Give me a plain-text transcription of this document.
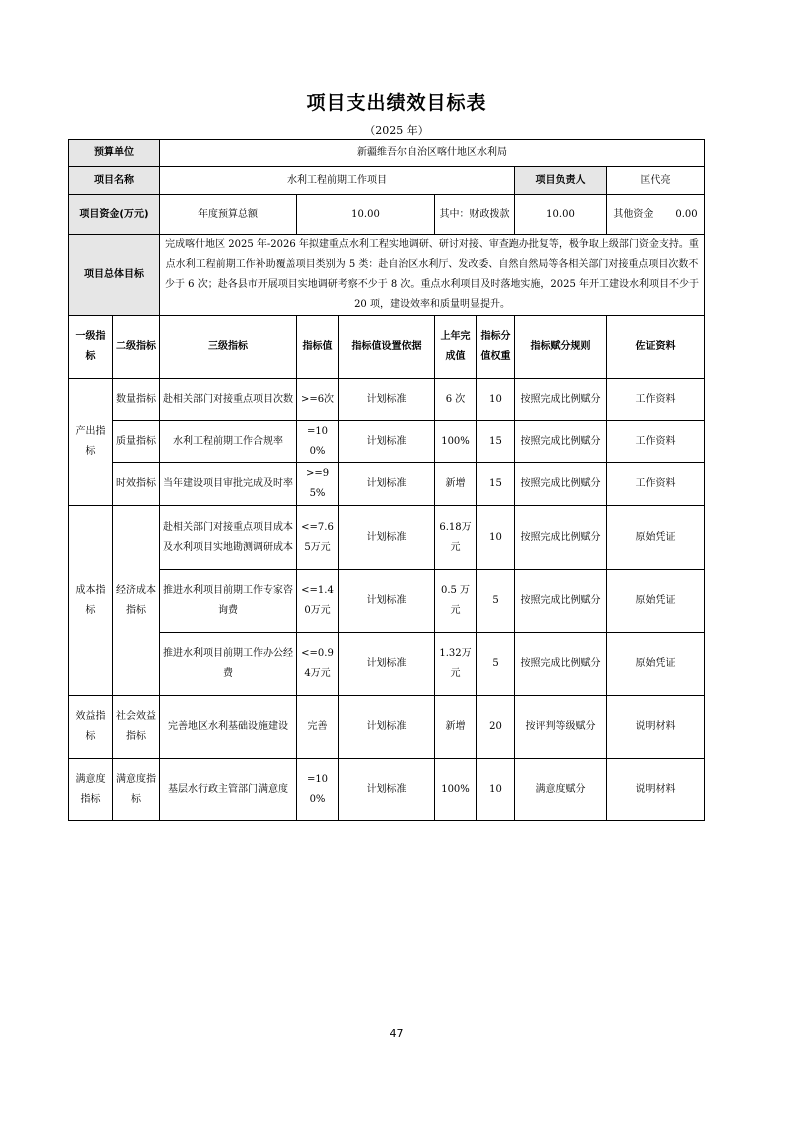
项目支出绩效目标表
（2025 年）
预算单位		新疆维吾尔自治区喀什地区水利局						
项目名称		水利工程前期工作项目					项目负责人	匡代亮
项目资金(万元)		年度预算总额	10.00		其中：财政拨款		10.00	其他资金 0.00
项目总体目标		完成喀什地区 2025 年-2026 年拟建重点水利工程实地调研、研讨对接、审查跑办批复等，极争取上级部门资金支持。重点水利工程前期工作补助覆盖项目类别为 5 类：赴自治区水利厅、发改委、自然自然局等各相关部门对接重点项目次数不少于 6 次；赴各县市开展项目实地调研考察不少于 8 次。重点水利项目及时落地实施，2025 年开工建设水利项目不少于 20 项，建设效率和质量明显提升。						
一级指标	二级指标	三级指标	指标值	指标值设置依据	上年完成值	指标分值权重	指标赋分规则	佐证资料
产出指标	数量指标	赴相关部门对接重点项目次数	>=6次	计划标准	6 次	10	按照完成比例赋分	工作资料
	质量指标	水利工程前期工作合规率	=100%	计划标准	100%	15	按照完成比例赋分	工作资料
	时效指标	当年建设项目审批完成及时率	>=95%	计划标准	新增	15	按照完成比例赋分	工作资料
成本指标	经济成本指标	赴相关部门对接重点项目成本及水利项目实地勘测调研成本	<=7.65万元	计划标准	6.18万元	10	按照完成比例赋分	原始凭证
		推进水利项目前期工作专家咨询费	<=1.40万元	计划标准	0.5 万元	5	按照完成比例赋分	原始凭证
		推进水利项目前期工作办公经费	<=0.94万元	计划标准	1.32万元	5	按照完成比例赋分	原始凭证
效益指标	社会效益指标	完善地区水利基础设施建设	完善	计划标准	新增	20	按评判等级赋分	说明材料
满意度指标	满意度指标	基层水行政主管部门满意度	=100%	计划标准	100%	10	满意度赋分	说明材料
47
